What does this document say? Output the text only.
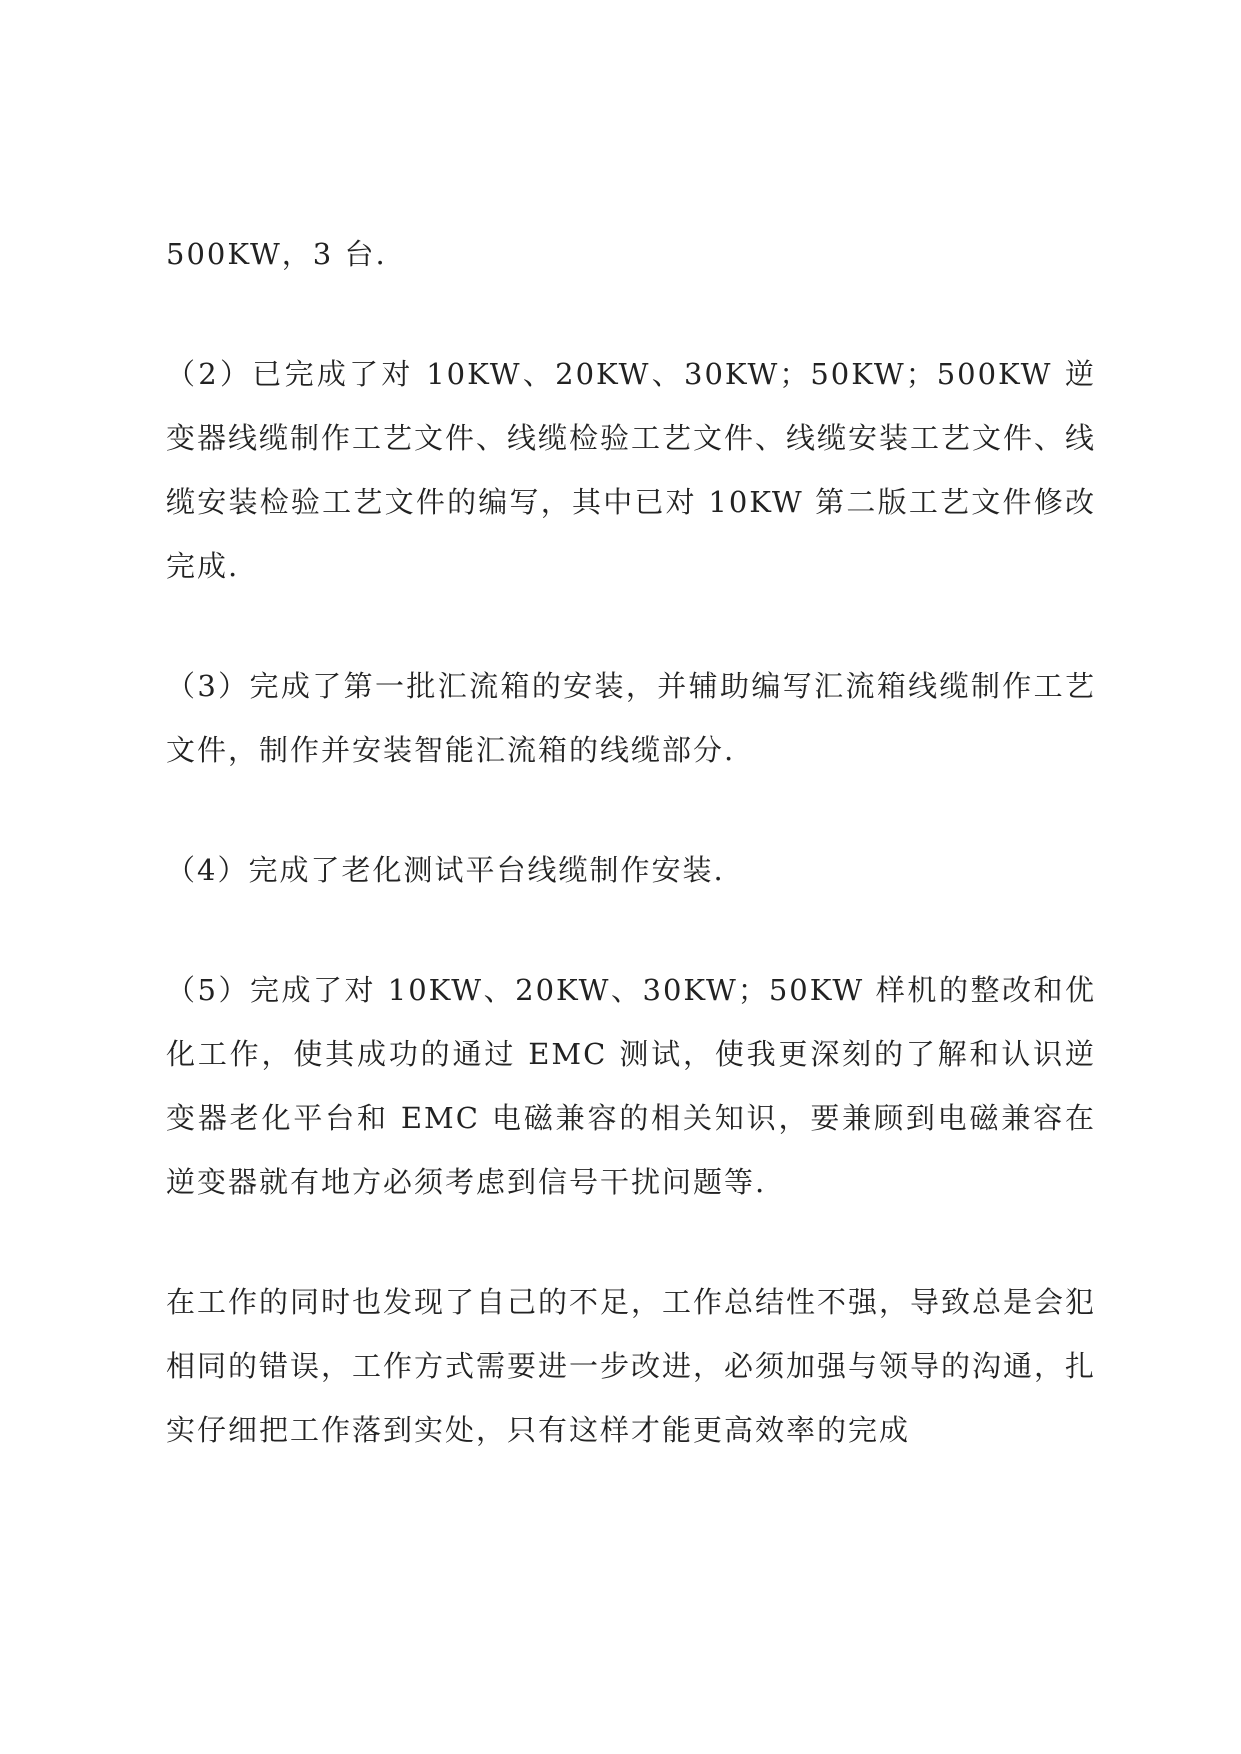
500KW，3 台.

（2）已完成了对 10KW、20KW、30KW；50KW；500KW 逆变器线缆制作工艺文件、线缆检验工艺文件、线缆安装工艺文件、线缆安装检验工艺文件的编写，其中已对 10KW 第二版工艺文件修改完成.

（3）完成了第一批汇流箱的安装，并辅助编写汇流箱线缆制作工艺文件，制作并安装智能汇流箱的线缆部分.

（4）完成了老化测试平台线缆制作安装.

（5）完成了对 10KW、20KW、30KW；50KW 样机的整改和优化工作，使其成功的通过 EMC 测试，使我更深刻的了解和认识逆变器老化平台和 EMC 电磁兼容的相关知识，要兼顾到电磁兼容在逆变器就有地方必须考虑到信号干扰问题等.

在工作的同时也发现了自己的不足，工作总结性不强，导致总是会犯相同的错误，工作方式需要进一步改进，必须加强与领导的沟通，扎实仔细把工作落到实处，只有这样才能更高效率的完成
